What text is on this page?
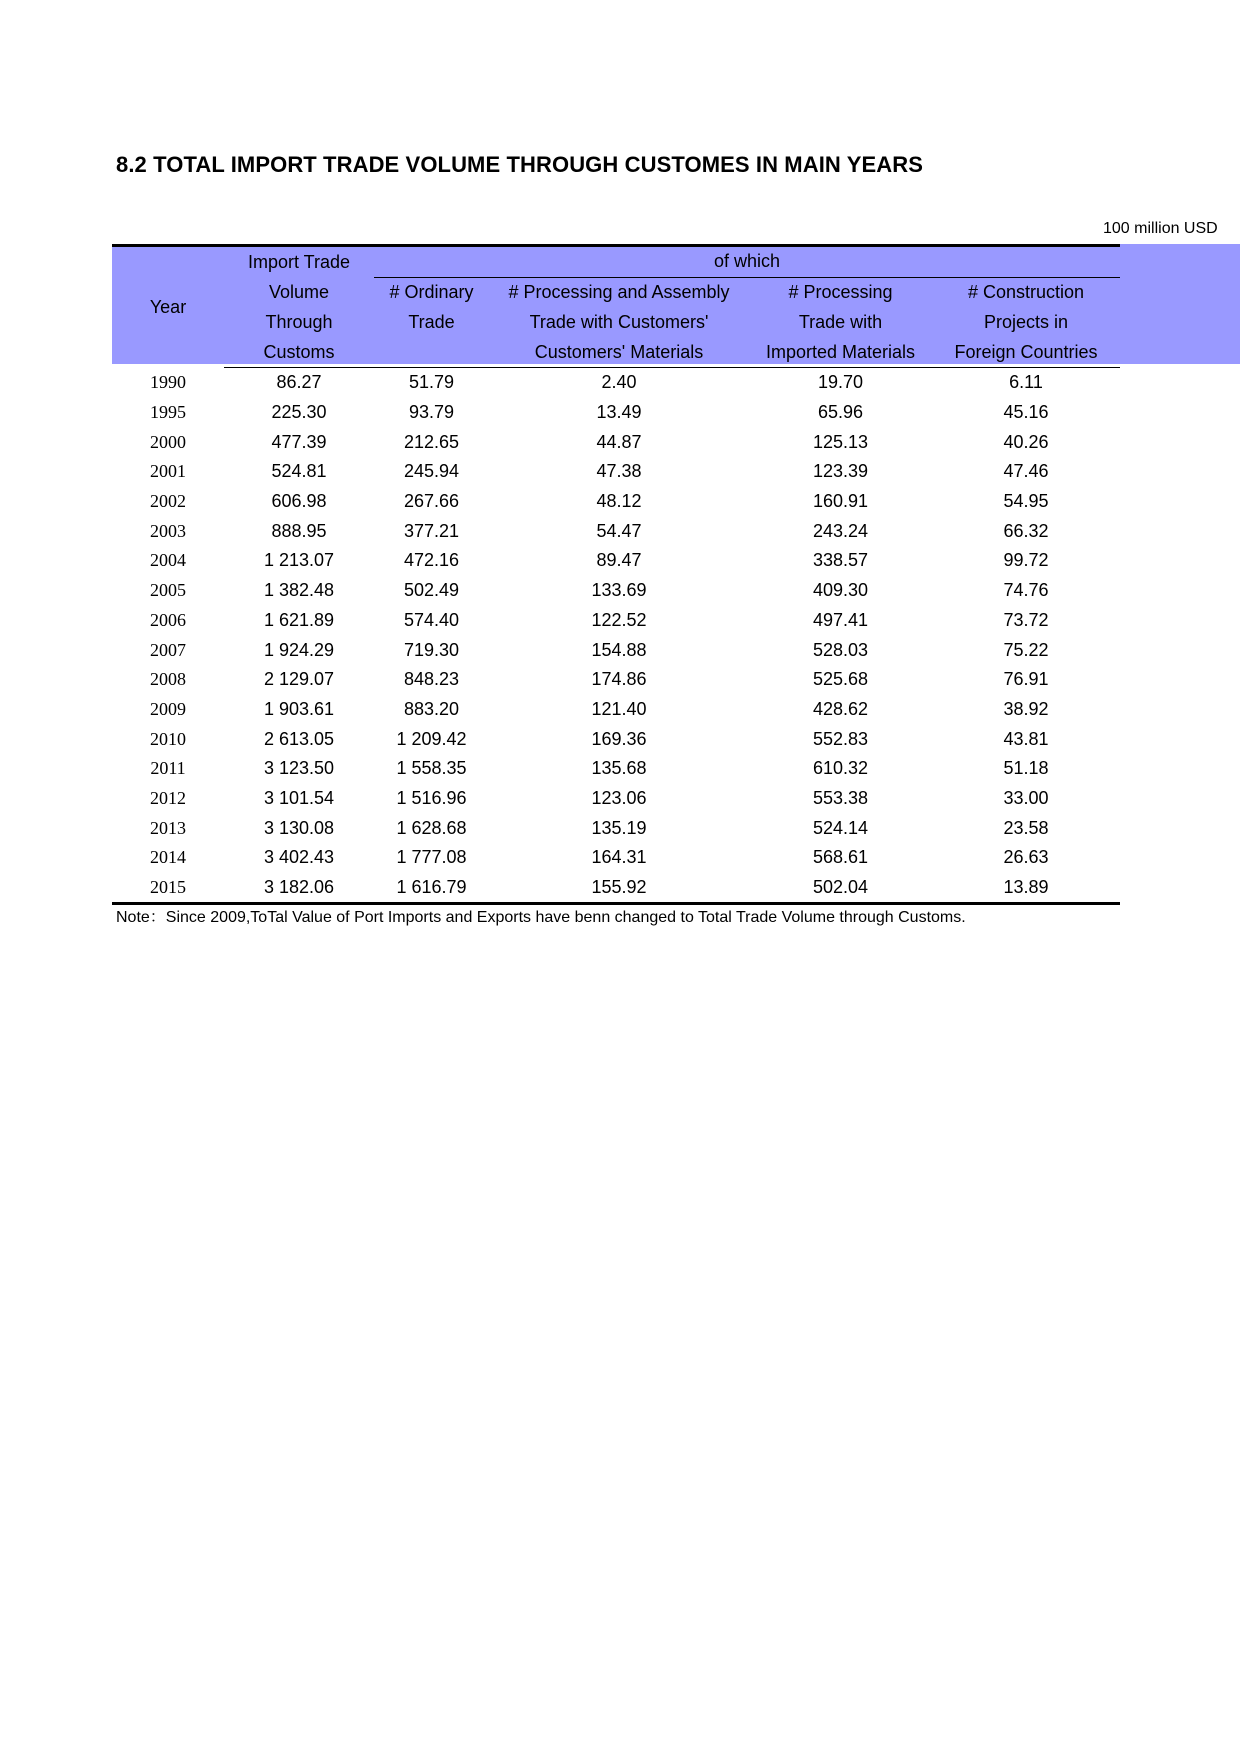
8.2 TOTAL IMPORT TRADE VOLUME THROUGH CUSTOMES IN MAIN YEARS
100 million USD
Year	Import Trade	of which			
	Volume	# Ordinary	# Processing and Assembly	# Processing	# Construction
	Through	Trade	Trade with Customers'	Trade with	Projects in
	Customs		Customers' Materials	Imported Materials	Foreign Countries
1990	86.27	51.79	2.40	19.70	6.11
1995	225.30	93.79	13.49	65.96	45.16
2000	477.39	212.65	44.87	125.13	40.26
2001	524.81	245.94	47.38	123.39	47.46
2002	606.98	267.66	48.12	160.91	54.95
2003	888.95	377.21	54.47	243.24	66.32
2004	1 213.07	472.16	89.47	338.57	99.72
2005	1 382.48	502.49	133.69	409.30	74.76
2006	1 621.89	574.40	122.52	497.41	73.72
2007	1 924.29	719.30	154.88	528.03	75.22
2008	2 129.07	848.23	174.86	525.68	76.91
2009	1 903.61	883.20	121.40	428.62	38.92
2010	2 613.05	1 209.42	169.36	552.83	43.81
2011	3 123.50	1 558.35	135.68	610.32	51.18
2012	3 101.54	1 516.96	123.06	553.38	33.00
2013	3 130.08	1 628.68	135.19	524.14	23.58
2014	3 402.43	1 777.08	164.31	568.61	26.63
2015	3 182.06	1 616.79	155.92	502.04	13.89

Note：Since 2009,ToTal Value of Port Imports and Exports have benn changed to Total Trade Volume through Customs.
